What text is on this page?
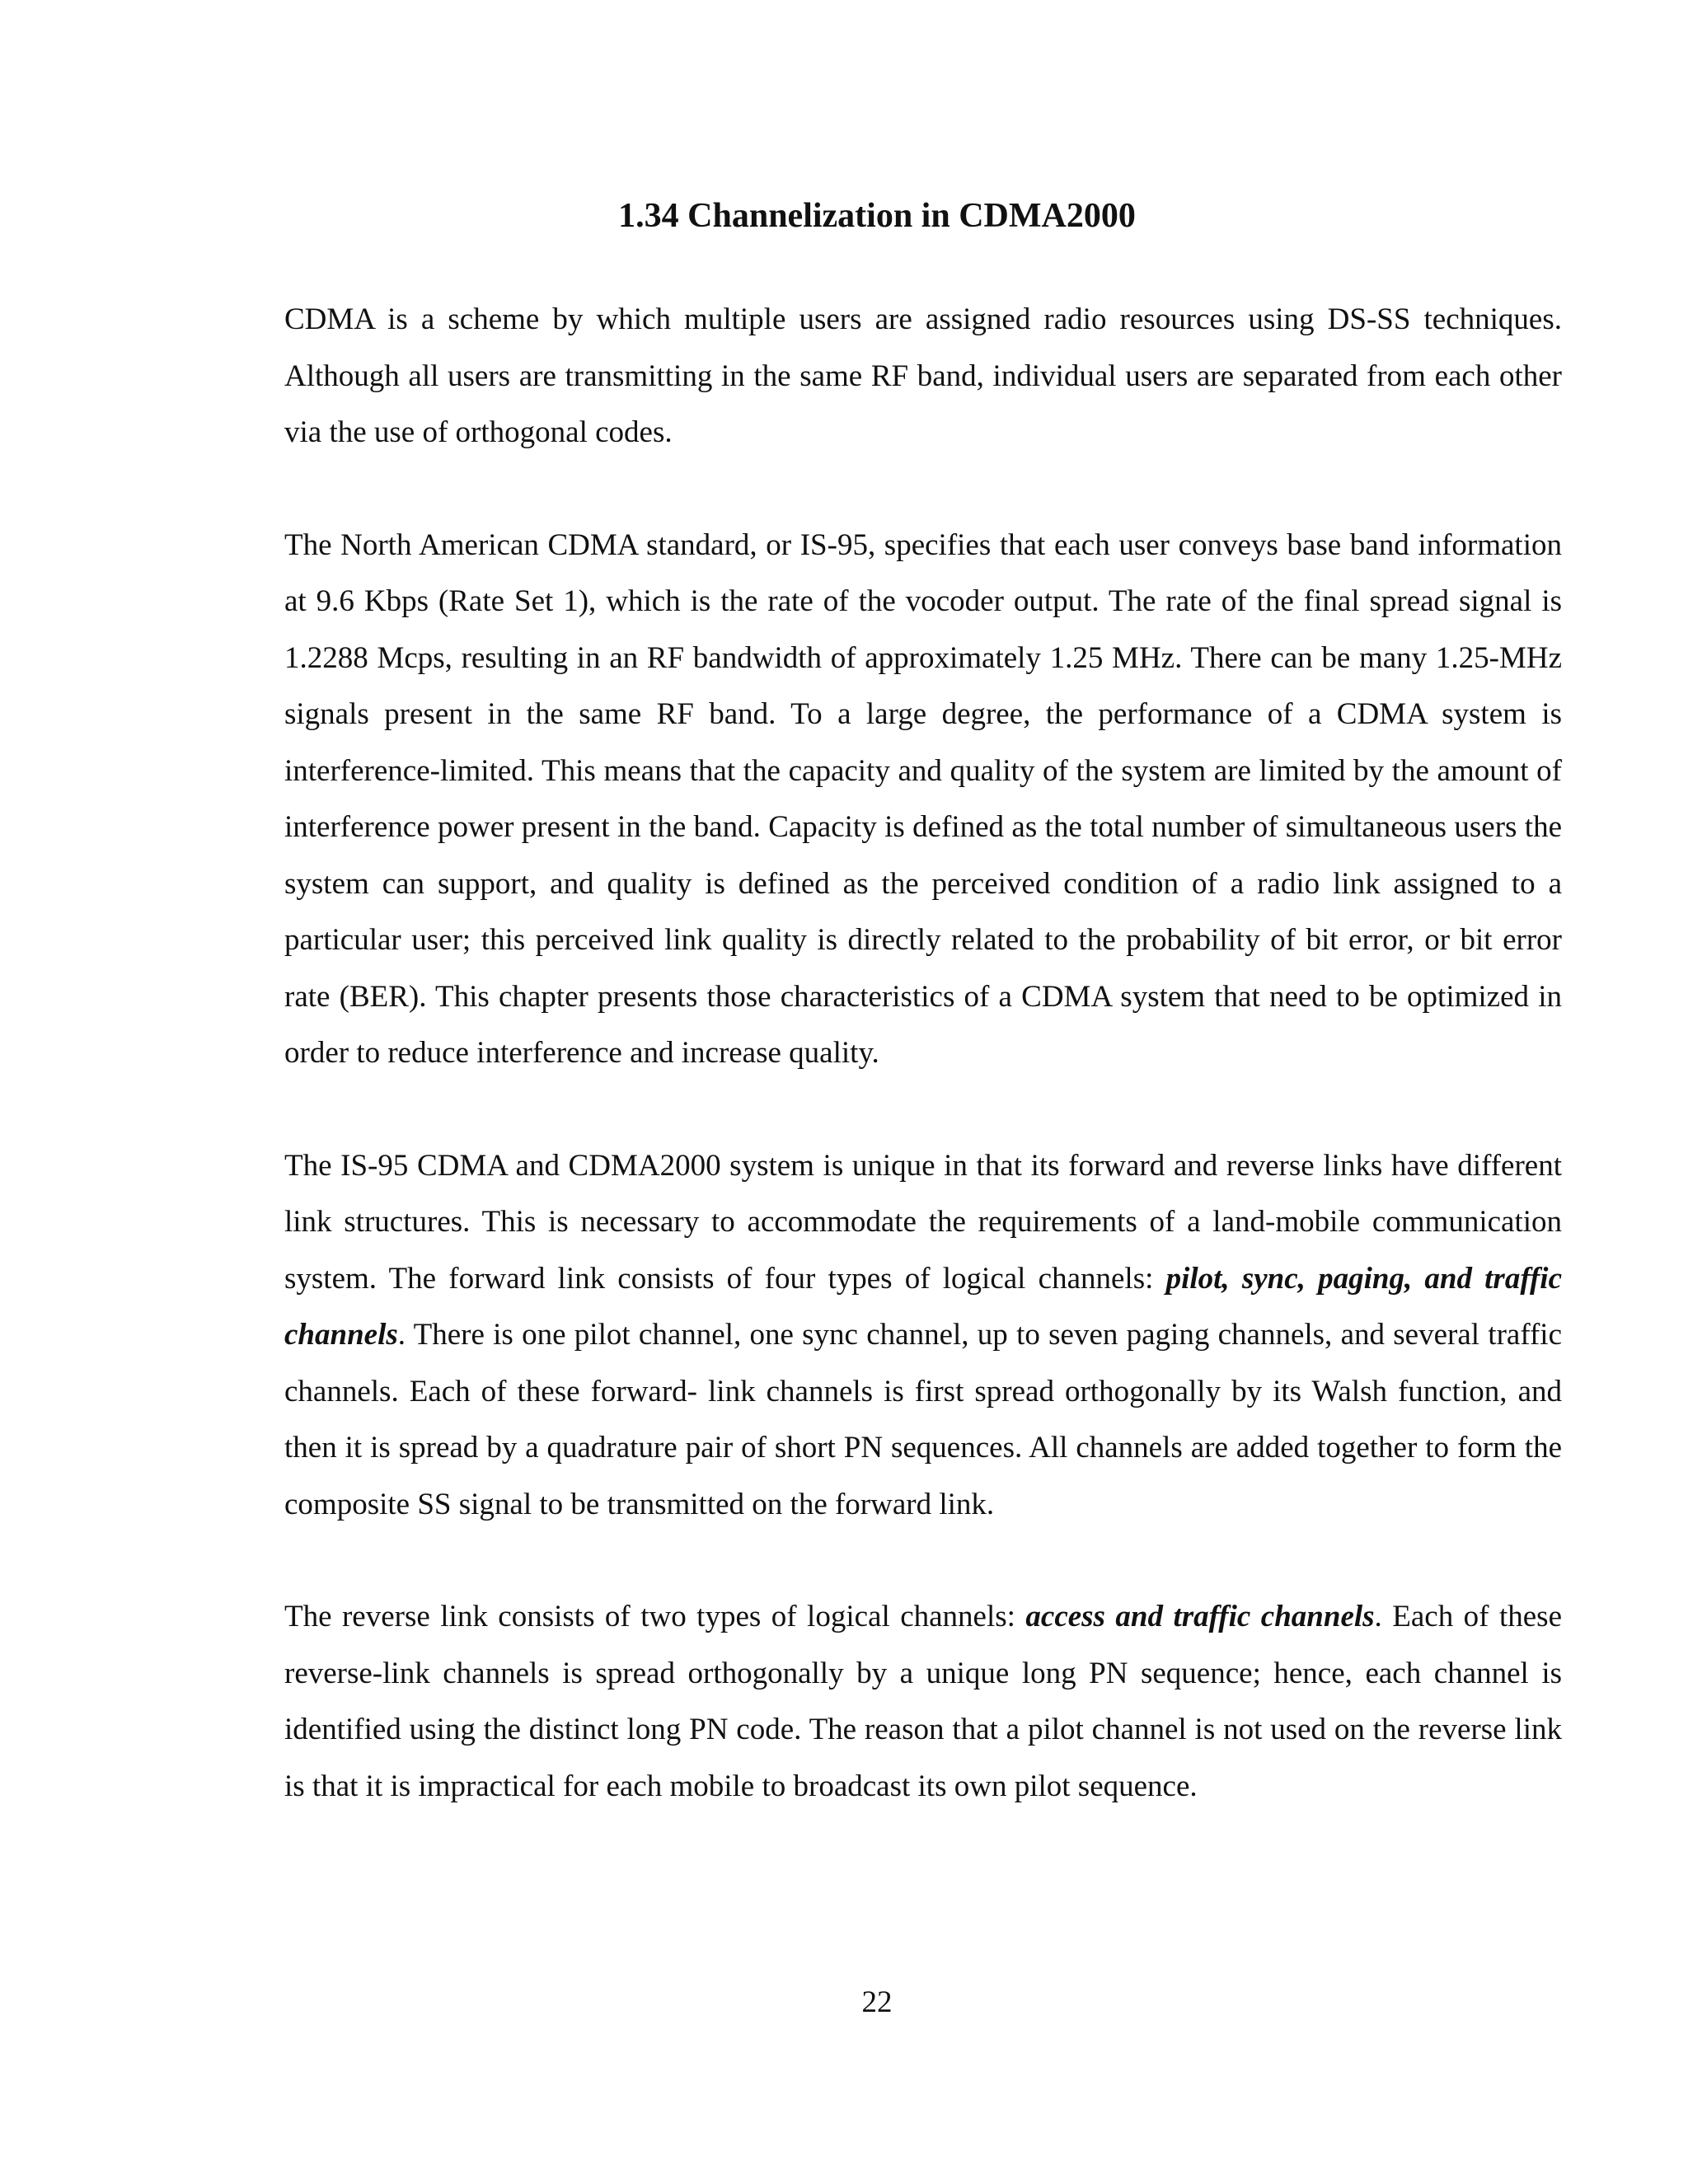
1.34 Channelization in CDMA2000

CDMA is a scheme by which multiple users are assigned radio resources using DS-SS techniques. Although all users are transmitting in the same RF band, individual users are separated from each other via the use of orthogonal codes.

The North American CDMA standard, or IS-95, specifies that each user conveys base band information at 9.6 Kbps (Rate Set 1), which is the rate of the vocoder output. The rate of the final spread signal is 1.2288 Mcps, resulting in an RF bandwidth of approximately 1.25 MHz. There can be many 1.25-MHz signals present in the same RF band. To a large degree, the performance of a CDMA system is interference-limited. This means that the capacity and quality of the system are limited by the amount of interference power present in the band. Capacity is defined as the total number of simultaneous users the system can support, and quality is defined as the perceived condition of a radio link assigned to a particular user; this perceived link quality is directly related to the probability of bit error, or bit error rate (BER). This chapter presents those characteristics of a CDMA system that need to be optimized in order to reduce interference and increase quality.

The IS-95 CDMA and CDMA2000 system is unique in that its forward and reverse links have different link structures. This is necessary to accommodate the requirements of a land-mobile communication system. The forward link consists of four types of logical channels: pilot, sync, paging, and traffic channels. There is one pilot channel, one sync channel, up to seven paging channels, and several traffic channels. Each of these forward- link channels is first spread orthogonally by its Walsh function, and then it is spread by a quadrature pair of short PN sequences. All channels are added together to form the composite SS signal to be transmitted on the forward link.

The reverse link consists of two types of logical channels: access and traffic channels. Each of these reverse-link channels is spread orthogonally by a unique long PN sequence; hence, each channel is identified using the distinct long PN code. The reason that a pilot channel is not used on the reverse link is that it is impractical for each mobile to broadcast its own pilot sequence.

22
